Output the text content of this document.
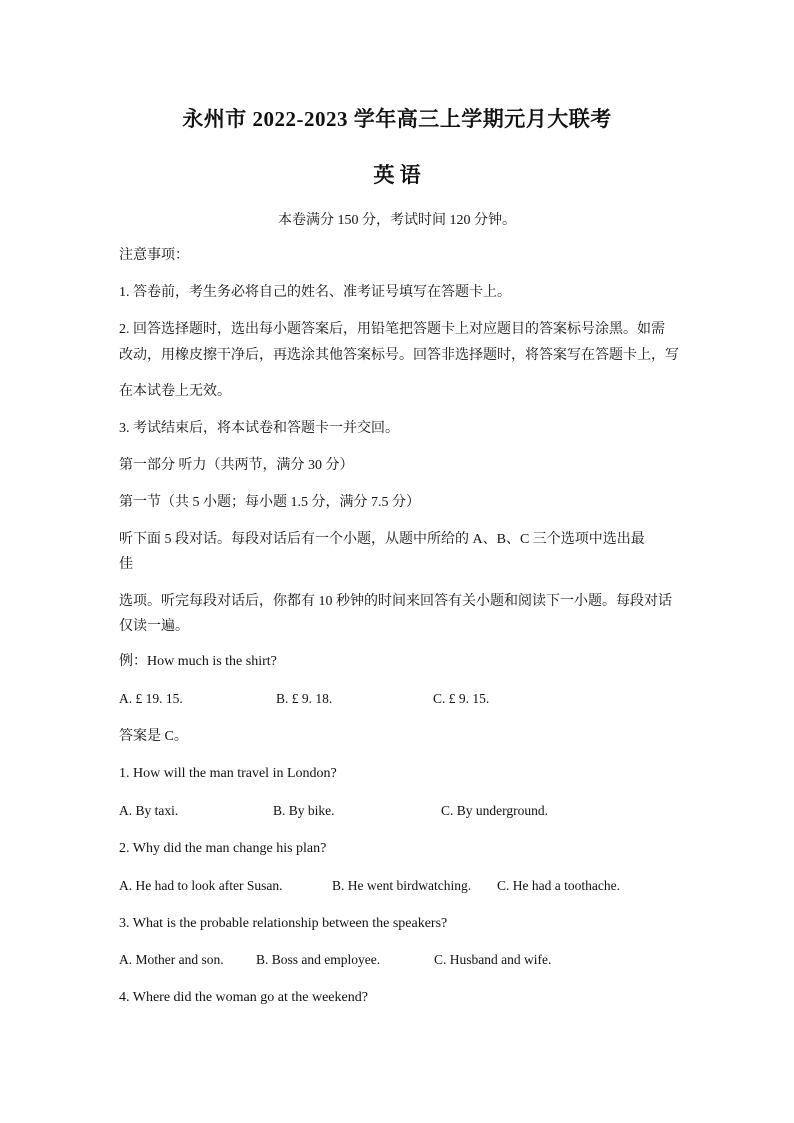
永州市 2022-2023 学年高三上学期元月大联考
英 语
本卷满分 150 分，考试时间 120 分钟。
注意事项：
1. 答卷前，考生务必将自己的姓名、准考证号填写在答题卡上。
2. 回答选择题时，选出每小题答案后，用铅笔把答题卡上对应题目的答案标号涂黑。如需
改动，用橡皮擦干净后，再选涂其他答案标号。回答非选择题时，将答案写在答题卡上，写
在本试卷上无效。
3. 考试结束后，将本试卷和答题卡一并交回。
第一部分 听力（共两节，满分 30 分）
第一节（共 5 小题；每小题 1.5 分，满分 7.5 分）
听下面 5 段对话。每段对话后有一个小题，从题中所给的 A、B、C 三个选项中选出最
佳
选项。听完每段对话后，你都有 10 秒钟的时间来回答有关小题和阅读下一小题。每段对话
仅读一遍。
例：How much is the shirt?
A. £ 19. 15.	B. £ 9. 18.	C. £ 9. 15.
答案是 C。
1. How will the man travel in London?
A. By taxi.	B. By bike.	C. By underground.
2. Why did the man change his plan?
A. He had to look after Susan.	B. He went birdwatching. C. He had a toothache.
3. What is the probable relationship between the speakers?
A. Mother and son. B. Boss and employee.	C. Husband and wife.
4. Where did the woman go at the weekend?
